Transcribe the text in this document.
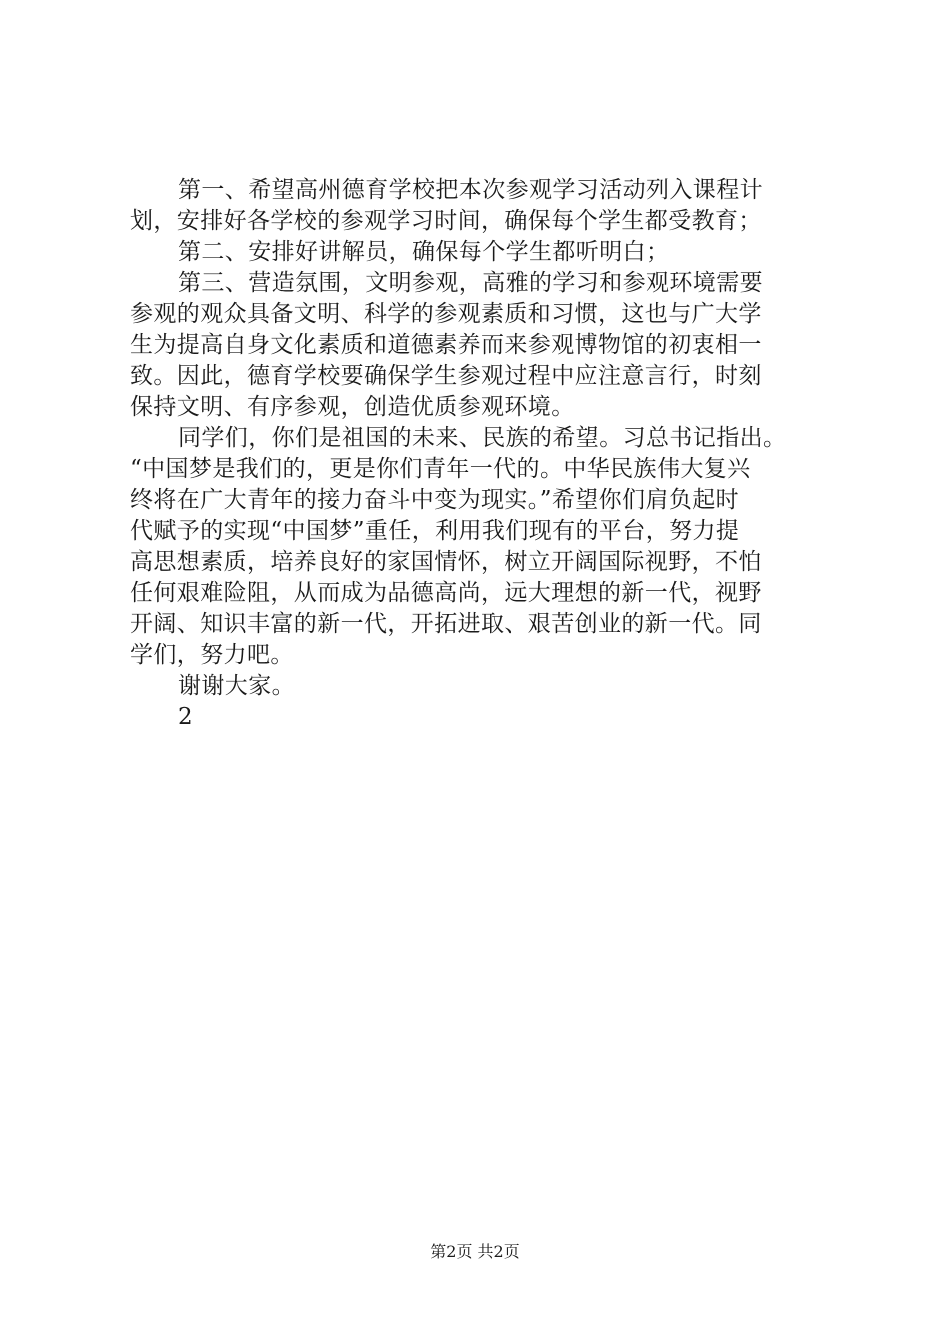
第一、希望高州德育学校把本次参观学习活动列入课程计
划，安排好各学校的参观学习时间，确保每个学生都受教育；
第二、安排好讲解员，确保每个学生都听明白；
第三、营造氛围，文明参观，高雅的学习和参观环境需要
参观的观众具备文明、科学的参观素质和习惯，这也与广大学
生为提高自身文化素质和道德素养而来参观博物馆的初衷相一
致。因此，德育学校要确保学生参观过程中应注意言行，时刻
保持文明、有序参观，创造优质参观环境。
同学们，你们是祖国的未来、民族的希望。习总书记指出。
“中国梦是我们的，更是你们青年一代的。中华民族伟大复兴
终将在广大青年的接力奋斗中变为现实。”希望你们肩负起时
代赋予的实现“中国梦”重任，利用我们现有的平台，努力提
高思想素质，培养良好的家国情怀，树立开阔国际视野，不怕
任何艰难险阻，从而成为品德高尚，远大理想的新一代，视野
开阔、知识丰富的新一代，开拓进取、艰苦创业的新一代。同
学们，努力吧。
谢谢大家。
2
第2页 共2页
